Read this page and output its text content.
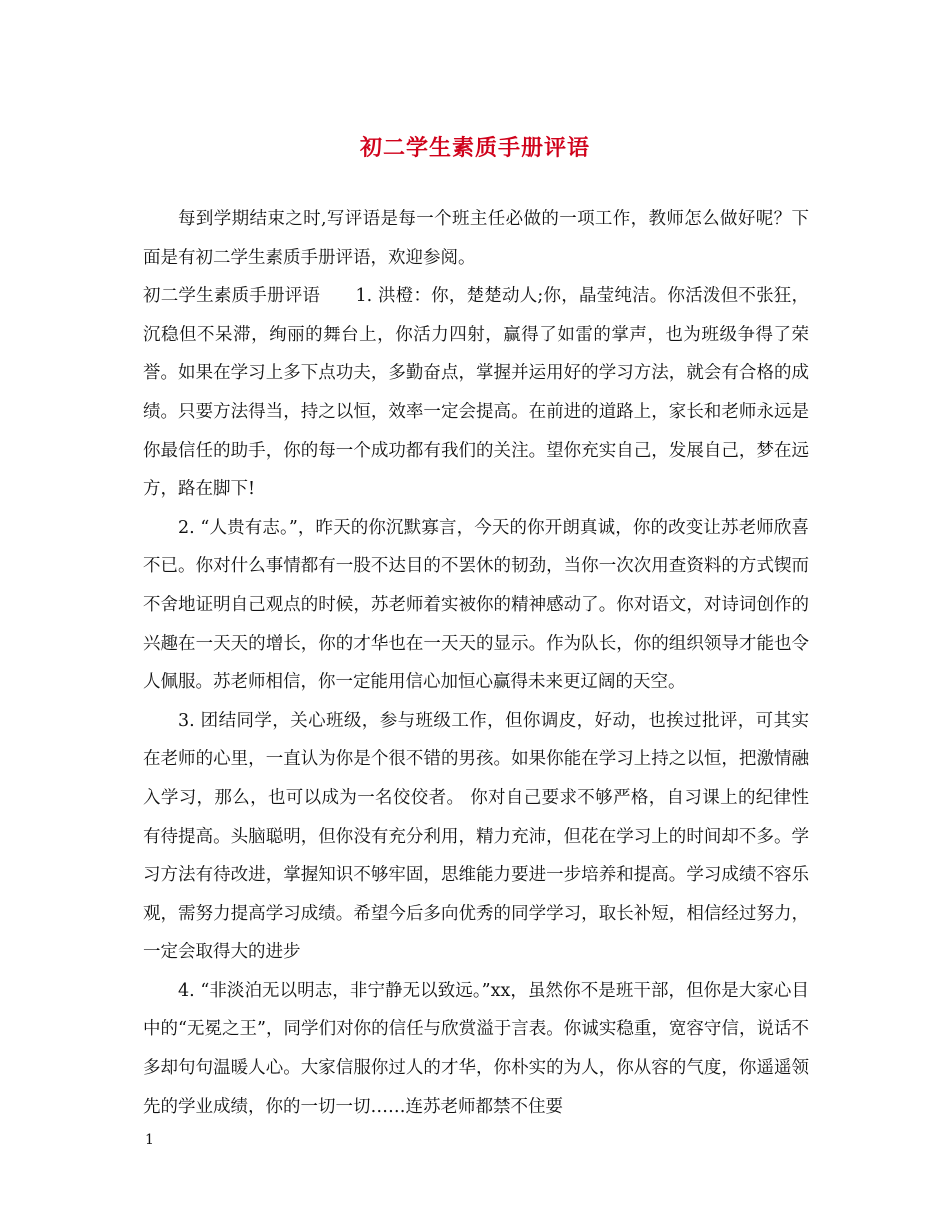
初二学生素质手册评语

每到学期结束之时,写评语是每一个班主任必做的一项工作，教师怎么做好呢？下面是有初二学生素质手册评语，欢迎参阅。

初二学生素质手册评语　　1. 洪橙：你，楚楚动人;你，晶莹纯洁。你活泼但不张狂，沉稳但不呆滞，绚丽的舞台上，你活力四射，赢得了如雷的掌声，也为班级争得了荣誉。如果在学习上多下点功夫，多勤奋点，掌握并运用好的学习方法，就会有合格的成绩。只要方法得当，持之以恒，效率一定会提高。在前进的道路上，家长和老师永远是你最信任的助手，你的每一个成功都有我们的关注。望你充实自己，发展自己，梦在远方，路在脚下!

2. “人贵有志。”，昨天的你沉默寡言，今天的你开朗真诚，你的改变让苏老师欣喜不已。你对什么事情都有一股不达目的不罢休的韧劲，当你一次次用查资料的方式锲而不舍地证明自己观点的时候，苏老师着实被你的精神感动了。你对语文，对诗词创作的兴趣在一天天的增长，你的才华也在一天天的显示。作为队长，你的组织领导才能也令人佩服。苏老师相信，你一定能用信心加恒心赢得未来更辽阔的天空。

3. 团结同学，关心班级，参与班级工作，但你调皮，好动，也挨过批评，可其实在老师的心里，一直认为你是个很不错的男孩。如果你能在学习上持之以恒，把激情融入学习，那么，也可以成为一名佼佼者。 你对自己要求不够严格，自习课上的纪律性有待提高。头脑聪明，但你没有充分利用，精力充沛，但花在学习上的时间却不多。学习方法有待改进，掌握知识不够牢固，思维能力要进一步培养和提高。学习成绩不容乐观，需努力提高学习成绩。希望今后多向优秀的同学学习，取长补短，相信经过努力，一定会取得大的进步

4. “非淡泊无以明志，非宁静无以致远。”xx，虽然你不是班干部，但你是大家心目中的“无冕之王”，同学们对你的信任与欣赏溢于言表。你诚实稳重，宽容守信，说话不多却句句温暖人心。大家信服你过人的才华，你朴实的为人，你从容的气度，你遥遥领先的学业成绩，你的一切一切……连苏老师都禁不住要

1
